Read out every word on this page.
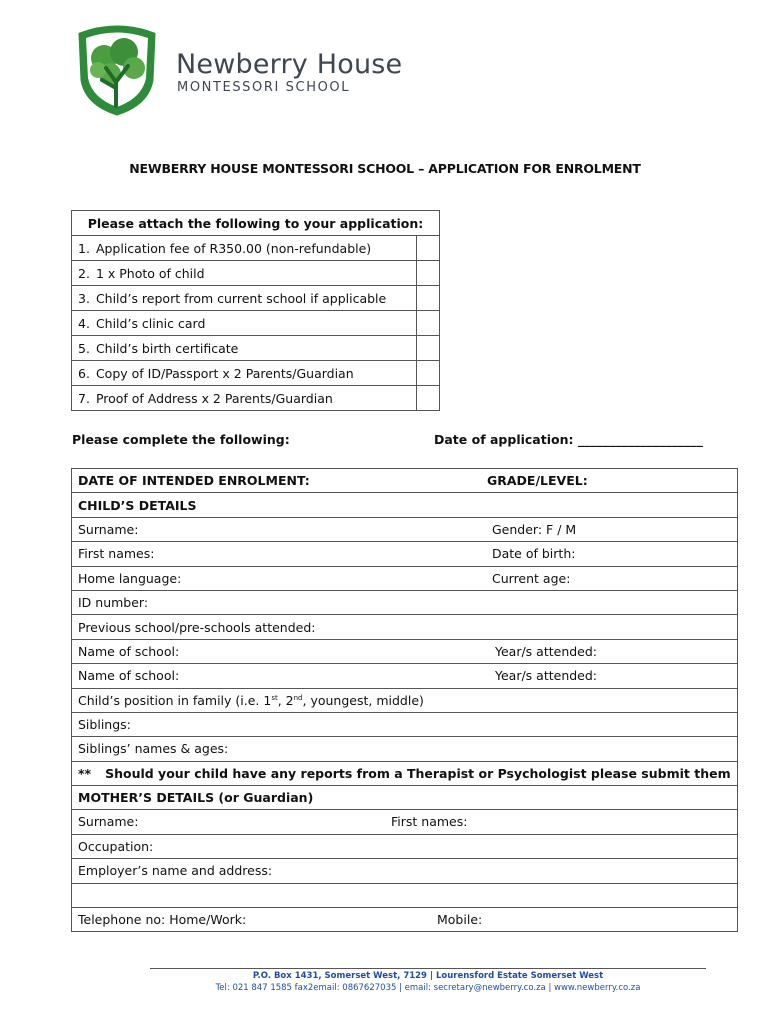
Newberry House
MONTESSORI SCHOOL
NEWBERRY HOUSE MONTESSORI SCHOOL – APPLICATION FOR ENROLMENT
Please attach the following to your application:		
1.	Application fee of R350.00 (non-refundable)	
2.	1 x Photo of child	
3.	Child’s report from current school if applicable	
4.	Child’s clinic card	
5.	Child’s birth certificate	
6.	Copy of ID/Passport x 2 Parents/Guardian	
7.	Proof of Address x 2 Parents/Guardian	
Please complete the following:	Date of application: ____________________
DATE OF INTENDED ENROLMENT:	GRADE/LEVEL:

CHILD’S DETAILS

Surname:	Gender: F / M

First names:	Date of birth:

Home language:	Current age:

ID number:
Previous school/pre-schools attended:

Name of school:	Year/s attended:

Name of school:	Year/s attended:

Child’s position in family (i.e. 1st, 2nd, youngest, middle)
Siblings:
Siblings’ names & ages:
** Should your child have any reports from a Therapist or Psychologist please submit them
MOTHER’S DETAILS (or Guardian)

Surname:	First names:

Occupation:
Employer’s name and address:

Telephone no: Home/Work:	Mobile:
P.O. Box 1431, Somerset West, 7129 | Lourensford Estate Somerset West
Tel: 021 847 1585 fax2email: 0867627035 | email: secretary@newberry.co.za | www.newberry.co.za
